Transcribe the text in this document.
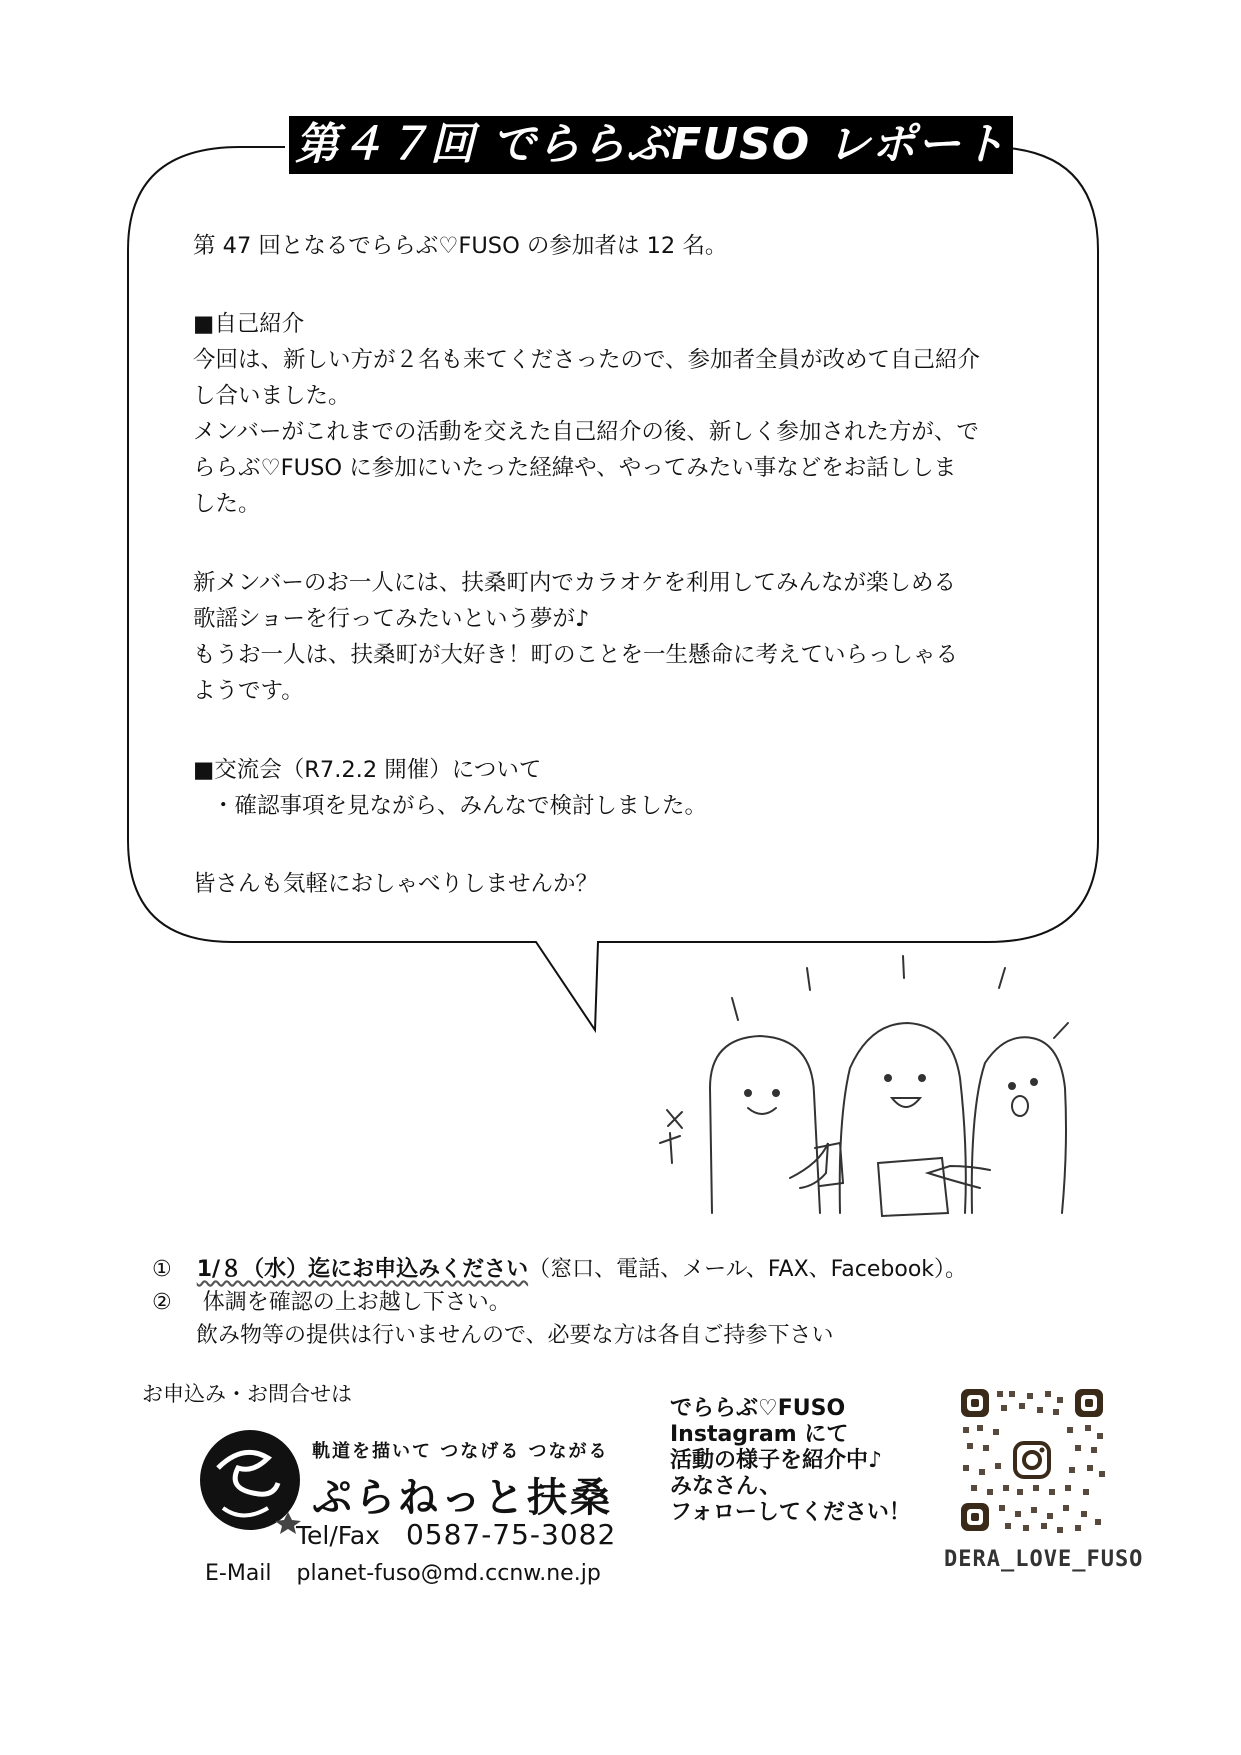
第４７回 でららぶFUSO レポート
第 47 回となるでららぶ♡FUSO の参加者は 12 名。
■自己紹介
今回は、新しい方が２名も来てくださったので、参加者全員が改めて自己紹介
し合いました。
メンバーがこれまでの活動を交えた自己紹介の後、新しく参加された方が、で
ららぶ♡FUSO に参加にいたった経緯や、やってみたい事などをお話ししま
した。
新メンバーのお一人には、扶桑町内でカラオケを利用してみんなが楽しめる
歌謡ショーを行ってみたいという夢が♪
もうお一人は、扶桑町が大好き！町のことを一生懸命に考えていらっしゃる
ようです。
■交流会（R7.2.2 開催）について
・確認事項を見ながら、みんなで検討しました。
皆さんも気軽におしゃべりしませんか？
① 1/８（水）迄にお申込みください（窓口、電話、メール、FAX、Facebook）。
② 体調を確認の上お越し下さい。
飲み物等の提供は行いませんので、必要な方は各自ご持参下さい
お申込み・お問合せは
軌道を描いて つなげる つながる
ぷらねっと扶桑
Tel/Fax 0587-75-3082
E-Mail planet-fuso@md.ccnw.ne.jp
でららぶ♡FUSO
Instagram にて
活動の様子を紹介中♪
みなさん、
フォローしてください！
DERA_LOVE_FUSO
